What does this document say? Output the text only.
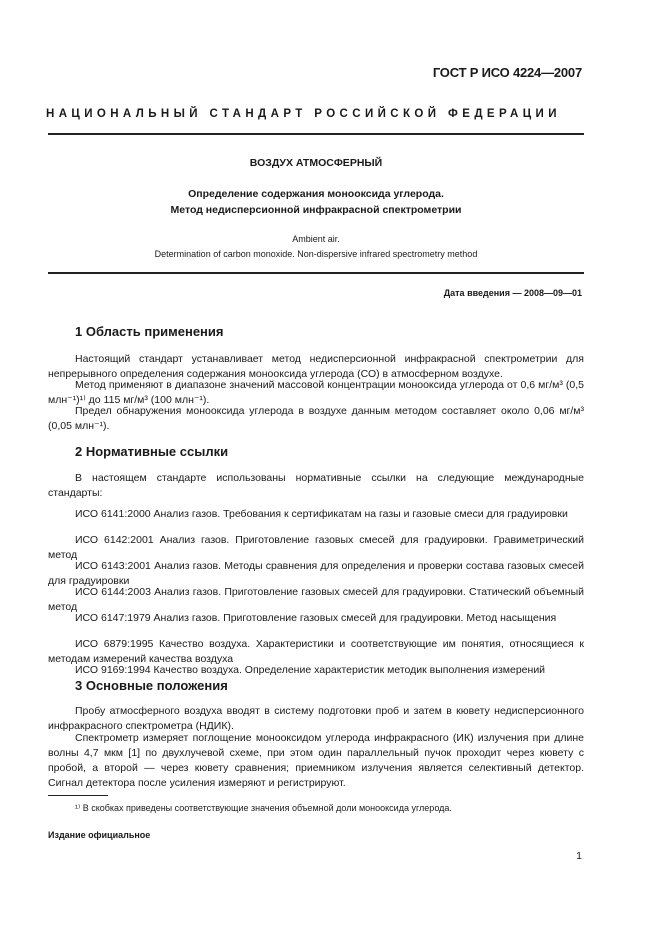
ГОСТ Р ИСО 4224—2007
НАЦИОНАЛЬНЫЙ СТАНДАРТ РОССИЙСКОЙ ФЕДЕРАЦИИ
ВОЗДУХ АТМОСФЕРНЫЙ
Определение содержания монооксида углерода.
Метод недисперсионной инфракрасной спектрометрии
Ambient air.
Determination of carbon monoxide. Non-dispersive infrared spectrometry method
Дата введения — 2008—09—01
1 Область применения

Настоящий стандарт устанавливает метод недисперсионной инфракрасной спектрометрии для непрерывного определения содержания монооксида углерода (СО) в атмосферном воздухе.

Метод применяют в диапазоне значений массовой концентрации монооксида углерода от 0,6 мг/м³ (0,5 млн⁻¹)¹⁾ до 115 мг/м³ (100 млн⁻¹).

Предел обнаружения монооксида углерода в воздухе данным методом составляет около 0,06 мг/м³ (0,05 млн⁻¹).

2 Нормативные ссылки

В настоящем стандарте использованы нормативные ссылки на следующие международные стандарты:

ИСО 6141:2000 Анализ газов. Требования к сертификатам на газы и газовые смеси для градуировки

ИСО 6142:2001 Анализ газов. Приготовление газовых смесей для градуировки. Гравиметрический метод

ИСО 6143:2001 Анализ газов. Методы сравнения для определения и проверки состава газовых смесей для градуировки

ИСО 6144:2003 Анализ газов. Приготовление газовых смесей для градуировки. Статический объемный метод

ИСО 6147:1979 Анализ газов. Приготовление газовых смесей для градуировки. Метод насыщения

ИСО 6879:1995 Качество воздуха. Характеристики и соответствующие им понятия, относящиеся к методам измерений качества воздуха

ИСО 9169:1994 Качество воздуха. Определение характеристик методик выполнения измерений

3 Основные положения

Пробу атмосферного воздуха вводят в систему подготовки проб и затем в кювету недисперсионного инфракрасного спектрометра (НДИК).

Спектрометр измеряет поглощение монооксидом углерода инфракрасного (ИК) излучения при длине волны 4,7 мкм [1] по двухлучевой схеме, при этом один параллельный пучок проходит через кювету с пробой, а второй — через кювету сравнения; приемником излучения является селективный детектор. Сигнал детектора после усиления измеряют и регистрируют.

¹⁾ В скобках приведены соответствующие значения объемной доли монооксида углерода.
Издание официальное
1
